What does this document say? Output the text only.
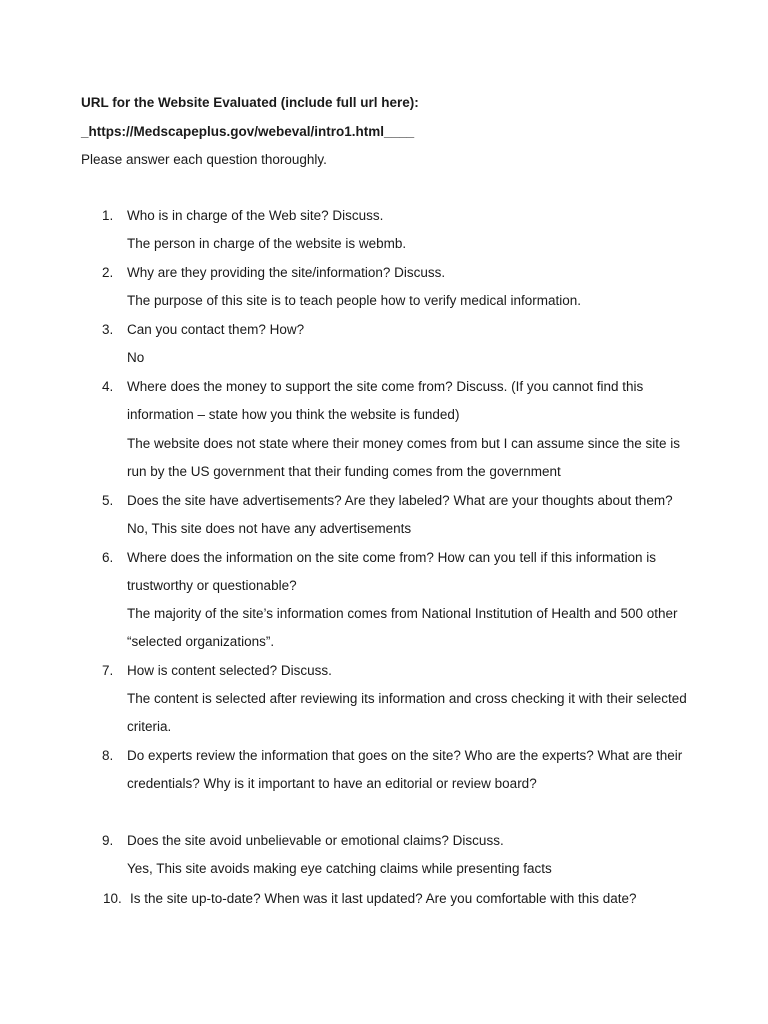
URL for the Website Evaluated (include full url here):
_https://Medscapeplus.gov/webeval/intro1.html____
Please answer each question thoroughly.
1.	Who is in charge of the Web site? Discuss.
The person in charge of the website is webmb.
2.	Why are they providing the site/information? Discuss.
The purpose of this site is to teach people how to verify medical information.
3.	Can you contact them? How?
No
4.	Where does the money to support the site come from? Discuss. (If you cannot find this
information – state how you think the website is funded)
The website does not state where their money comes from but I can assume since the site is
run by the US government that their funding comes from the government
5.	Does the site have advertisements? Are they labeled? What are your thoughts about them?
No, This site does not have any advertisements
6.	Where does the information on the site come from? How can you tell if this information is
trustworthy or questionable?
The majority of the site’s information comes from National Institution of Health and 500 other
“selected organizations”.
7.	How is content selected? Discuss.
The content is selected after reviewing its information and cross checking it with their selected
criteria.
8.	Do experts review the information that goes on the site? Who are the experts? What are their
credentials? Why is it important to have an editorial or review board?
9.	Does the site avoid unbelievable or emotional claims? Discuss.
Yes, This site avoids making eye catching claims while presenting facts
10. Is the site up-to-date? When was it last updated? Are you comfortable with this date?
